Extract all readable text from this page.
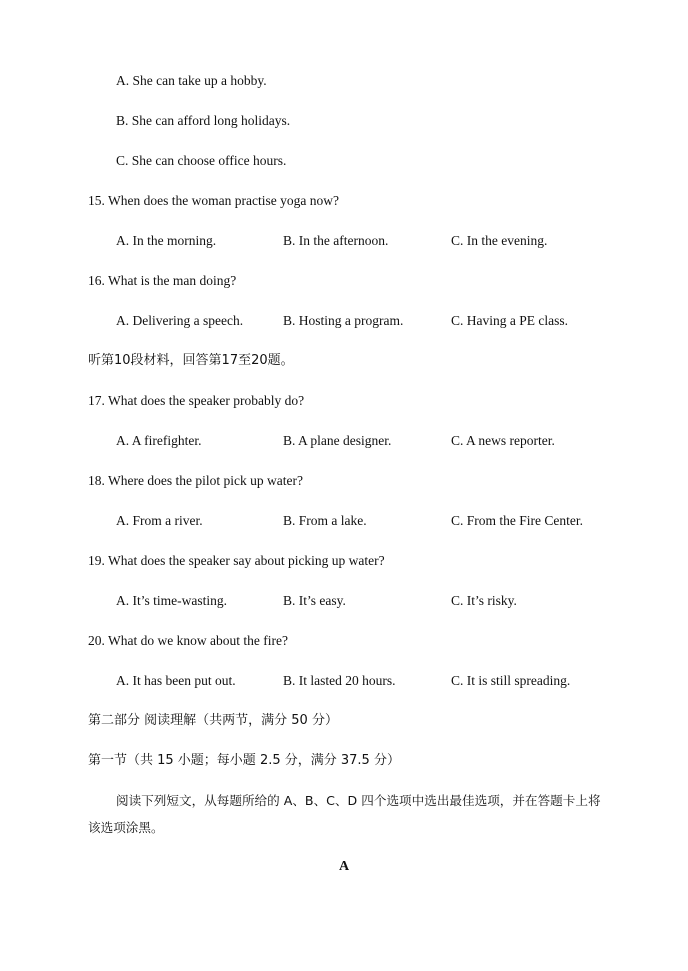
A. She can take up a hobby.
B. She can afford long holidays.
C. She can choose office hours.
15. When does the woman practise yoga now?
A. In the morning.	B. In the afternoon.	C. In the evening.
16. What is the man doing?
A. Delivering a speech.	B. Hosting a program.	C. Having a PE class.
听第10段材料，回答第17至20题。
17. What does the speaker probably do?
A. A firefighter.	B. A plane designer.	C. A news reporter.
18. Where does the pilot pick up water?
A. From a river.	B. From a lake.	C. From the Fire Center.
19. What does the speaker say about picking up water?
A. It’s time-wasting.	B. It’s easy.	C. It’s risky.
20. What do we know about the fire?
A. It has been put out.	B. It lasted 20 hours.	C. It is still spreading.
第二部分 阅读理解（共两节，满分 50 分）
第一节（共 15 小题；每小题 2.5 分，满分 37.5 分）
阅读下列短文，从每题所给的 A、B、C、D 四个选项中选出最佳选项，并在答题卡上将
该选项涂黑。
A
